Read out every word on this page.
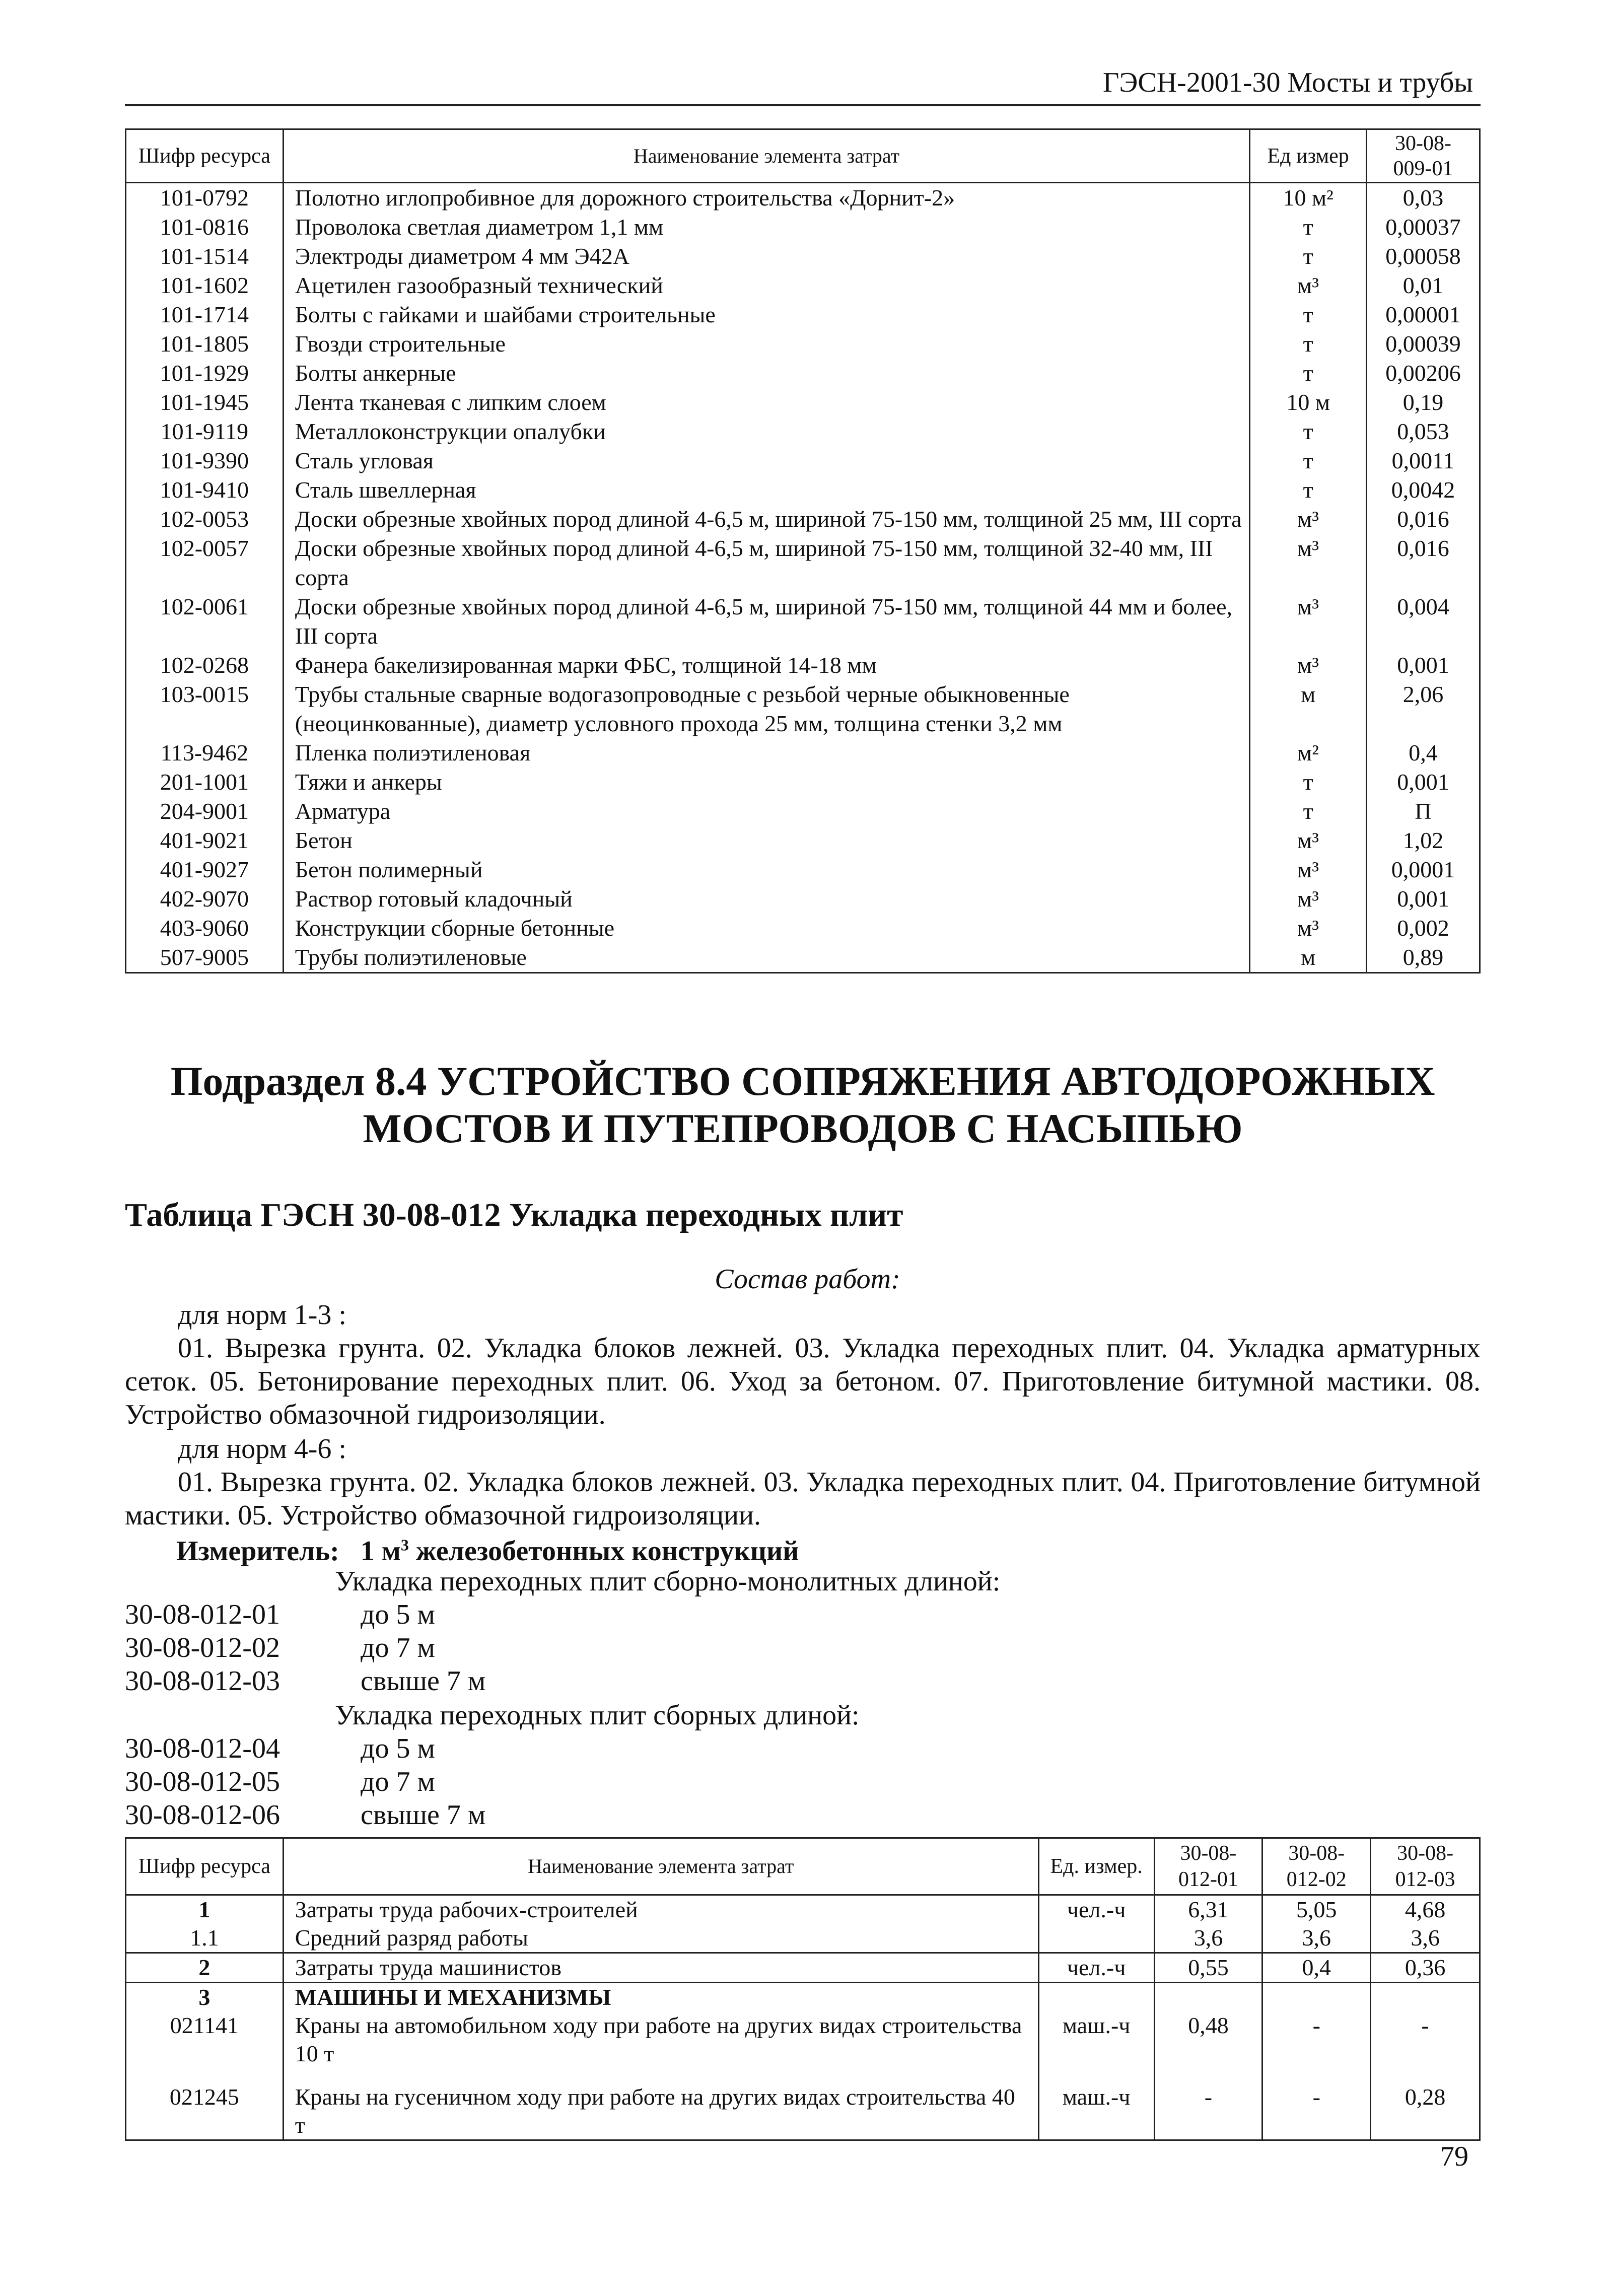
ГЭСН-2001-30 Мосты и трубы
Шифр ресурса	Наименование элемента затрат	Ед измер	30-08-
009-01
101-0792	Полотно иглопробивное для дорожного строительства «Дорнит-2»	10 м²	0,03
101-0816	Проволока светлая диаметром 1,1 мм	т	0,00037
101-1514	Электроды диаметром 4 мм Э42А	т	0,00058
101-1602	Ацетилен газообразный технический	м³	0,01
101-1714	Болты с гайками и шайбами строительные	т	0,00001
101-1805	Гвозди строительные	т	0,00039
101-1929	Болты анкерные	т	0,00206
101-1945	Лента тканевая с липким слоем	10 м	0,19
101-9119	Металлоконструкции опалубки	т	0,053
101-9390	Сталь угловая	т	0,0011
101-9410	Сталь швеллерная	т	0,0042
102-0053	Доски обрезные хвойных пород длиной 4-6,5 м, шириной 75-150 мм, толщиной 25 мм, III сорта	м³	0,016
102-0057	Доски обрезные хвойных пород длиной 4-6,5 м, шириной 75-150 мм, толщиной 32-40 мм, III сорта	м³	0,016
102-0061	Доски обрезные хвойных пород длиной 4-6,5 м, шириной 75-150 мм, толщиной 44 мм и более, III сорта	м³	0,004
102-0268	Фанера бакелизированная марки ФБС, толщиной 14-18 мм	м³	0,001
103-0015	Трубы стальные сварные водогазопроводные с резьбой черные обыкновенные (неоцинкованные), диаметр условного прохода 25 мм, толщина стенки 3,2 мм	м	2,06
113-9462	Пленка полиэтиленовая	м²	0,4
201-1001	Тяжи и анкеры	т	0,001
204-9001	Арматура	т	П
401-9021	Бетон	м³	1,02
401-9027	Бетон полимерный	м³	0,0001
402-9070	Раствор готовый кладочный	м³	0,001
403-9060	Конструкции сборные бетонные	м³	0,002
507-9005	Трубы полиэтиленовые	м	0,89
Подраздел 8.4 УСТРОЙСТВО СОПРЯЖЕНИЯ АВТОДОРОЖНЫХ
МОСТОВ И ПУТЕПРОВОДОВ С НАСЫПЬЮ
Таблица ГЭСН 30-08-012 Укладка переходных плит
Состав работ:
для норм 1-3 :
01. Вырезка грунта. 02. Укладка блоков лежней. 03. Укладка переходных плит. 04. Укладка арматурных сеток. 05. Бетонирование переходных плит. 06. Уход за бетоном. 07. Приготовление битумной мастики. 08. Устройство обмазочной гидроизоляции.
для норм 4-6 :
01. Вырезка грунта. 02. Укладка блоков лежней. 03. Укладка переходных плит. 04. Приготовление битумной мастики. 05. Устройство обмазочной гидроизоляции.
Измеритель: 1 $м^3$ железобетонных конструкций
Укладка переходных плит сборно-монолитных длиной:
30-08-012-01	до 5 м
30-08-012-02	до 7 м
30-08-012-03	свыше 7 м
Укладка переходных плит сборных длиной:
30-08-012-04	до 5 м
30-08-012-05	до 7 м
30-08-012-06	свыше 7 м
Шифр ресурса	Наименование элемента затрат	Ед. измер.	30-08-
012-01	30-08-
012-02	30-08-
012-03
1	Затраты труда рабочих-строителей	чел.-ч	6,31	5,05	4,68
1.1	Средний разряд работы		3,6	3,6	3,6
2	Затраты труда машинистов	чел.-ч	0,55	0,4	0,36
3	МАШИНЫ И МЕХАНИЗМЫ				
021141	Краны на автомобильном ходу при работе на других видах строительства 10 т	маш.-ч	0,48	-	-
021245	Краны на гусеничном ходу при работе на других видах строительства 40 т	маш.-ч	-	-	0,28
79
